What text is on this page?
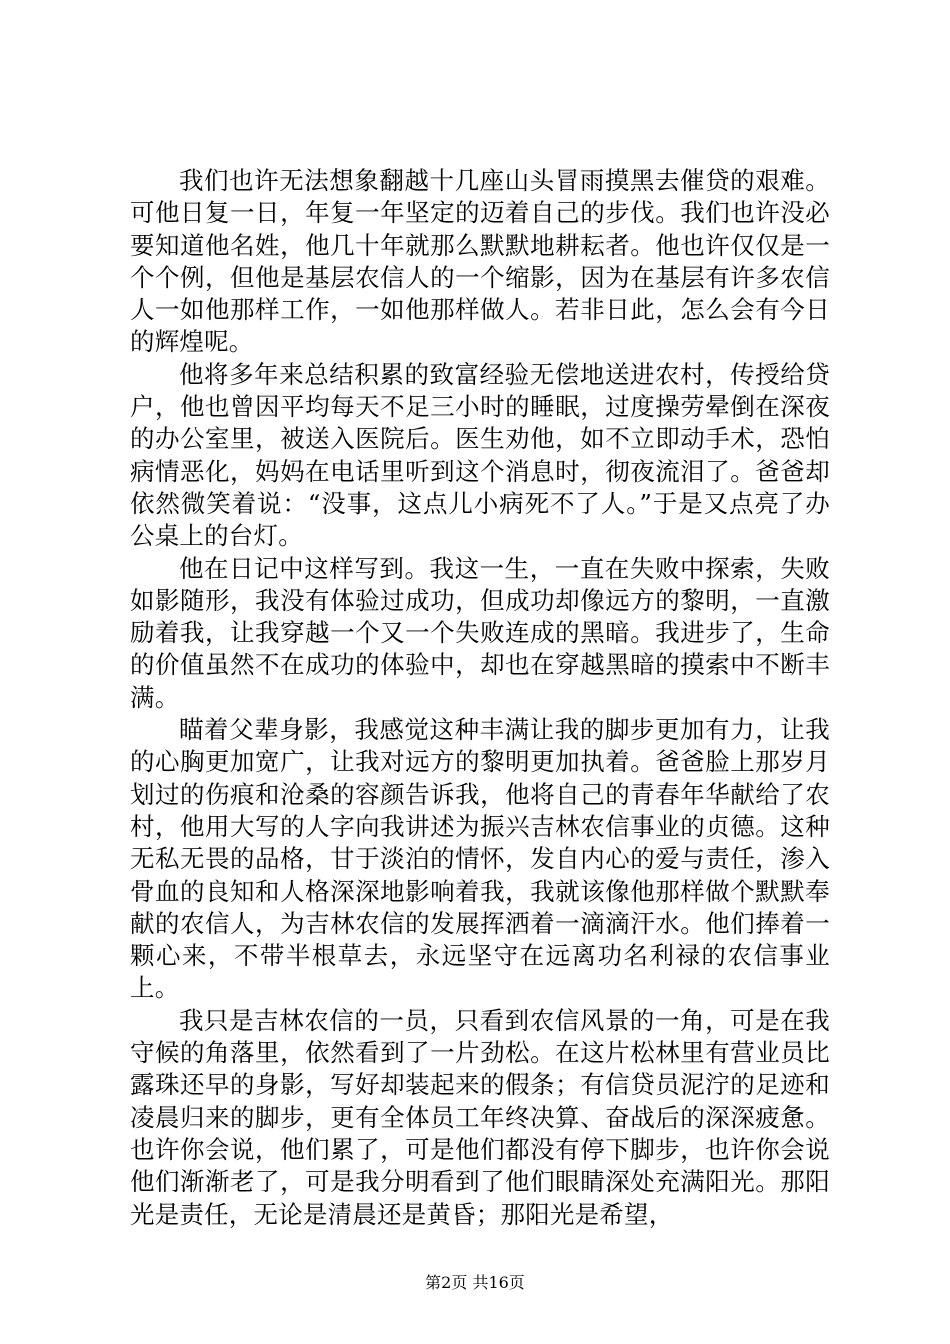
我们也许无法想象翻越十几座山头冒雨摸黑去催贷的艰难。可他日复一日，年复一年坚定的迈着自己的步伐。我们也许没必要知道他名姓，他几十年就那么默默地耕耘者。他也许仅仅是一个个例，但他是基层农信人的一个缩影，因为在基层有许多农信人一如他那样工作，一如他那样做人。若非日此，怎么会有今日的辉煌呢。

他将多年来总结积累的致富经验无偿地送进农村，传授给贷户，他也曾因平均每天不足三小时的睡眠，过度操劳晕倒在深夜的办公室里，被送入医院后。医生劝他，如不立即动手术，恐怕病情恶化，妈妈在电话里听到这个消息时，彻夜流泪了。爸爸却依然微笑着说：“没事，这点儿小病死不了人。”于是又点亮了办公桌上的台灯。

他在日记中这样写到。我这一生，一直在失败中探索，失败如影随形，我没有体验过成功，但成功却像远方的黎明，一直激励着我，让我穿越一个又一个失败连成的黑暗。我进步了，生命的价值虽然不在成功的体验中，却也在穿越黑暗的摸索中不断丰满。

瞄着父辈身影，我感觉这种丰满让我的脚步更加有力，让我的心胸更加宽广，让我对远方的黎明更加执着。爸爸脸上那岁月划过的伤痕和沧桑的容颜告诉我，他将自己的青春年华献给了农村，他用大写的人字向我讲述为振兴吉林农信事业的贞德。这种无私无畏的品格，甘于淡泊的情怀，发自内心的爱与责任，渗入骨血的良知和人格深深地影响着我，我就该像他那样做个默默奉献的农信人，为吉林农信的发展挥洒着一滴滴汗水。他们捧着一颗心来，不带半根草去，永远坚守在远离功名利禄的农信事业上。

我只是吉林农信的一员，只看到农信风景的一角，可是在我守候的角落里，依然看到了一片劲松。在这片松林里有营业员比露珠还早的身影，写好却装起来的假条；有信贷员泥泞的足迹和凌晨归来的脚步，更有全体员工年终决算、奋战后的深深疲惫。也许你会说，他们累了，可是他们都没有停下脚步，也许你会说他们渐渐老了，可是我分明看到了他们眼睛深处充满阳光。那阳光是责任，无论是清晨还是黄昏；那阳光是希望，

第2页 共16页
